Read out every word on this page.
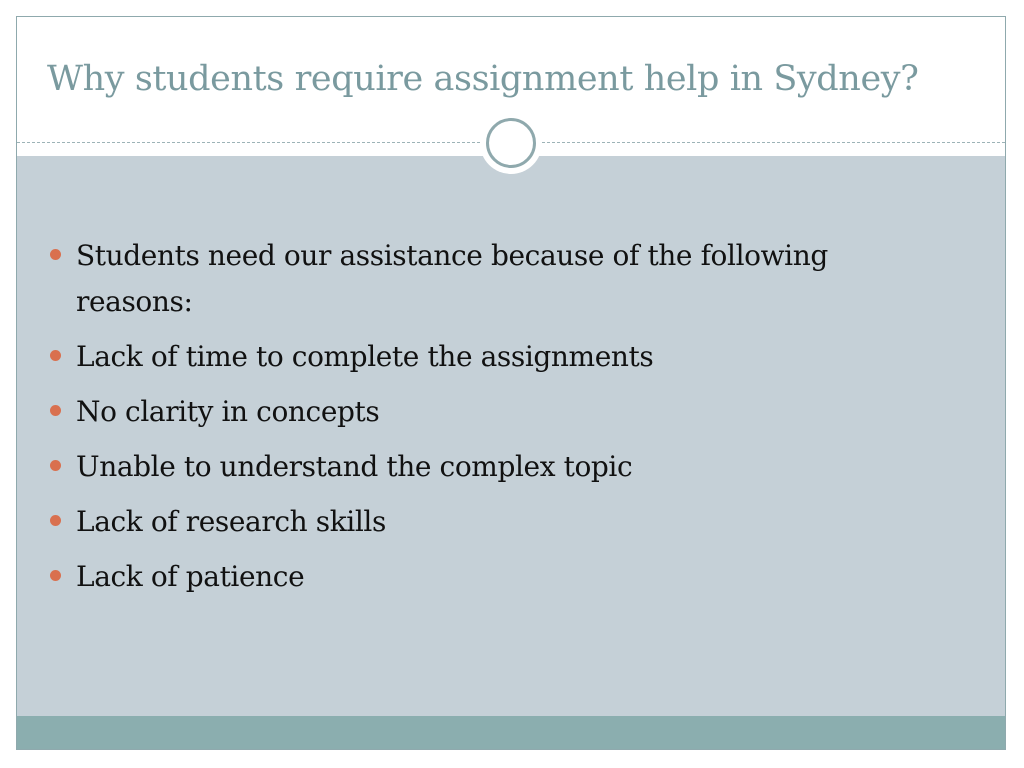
Why students require assignment help in Sydney?
Students need our assistance because of the following reasons:
Lack of time to complete the assignments
No clarity in concepts
Unable to understand the complex topic
Lack of research skills
Lack of patience
